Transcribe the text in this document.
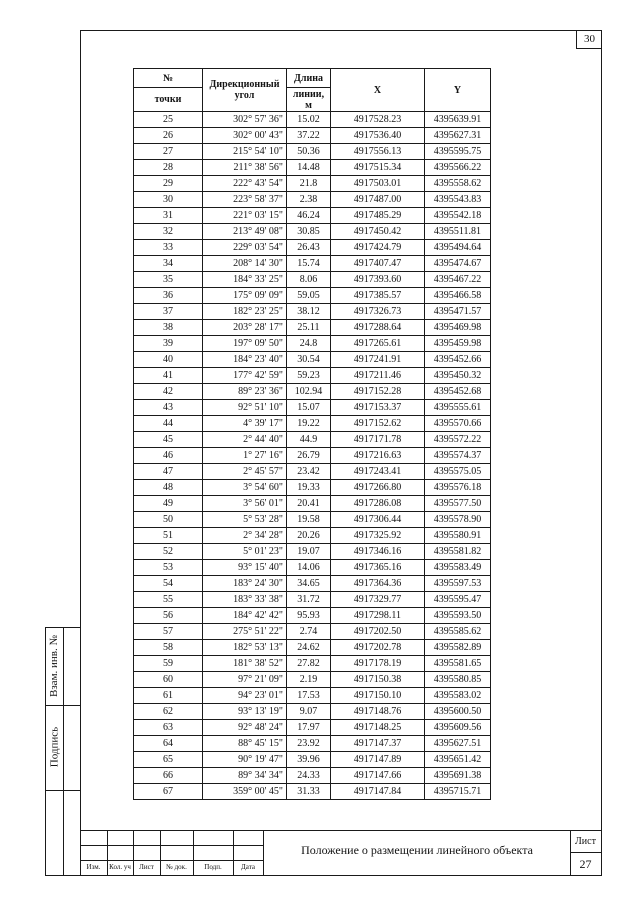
30
№	Дирекционный угол	Длина	X	Y
точки		линии, м		
25	302° 57' 36"	15.02	4917528.23	4395639.91
26	302° 00' 43"	37.22	4917536.40	4395627.31
27	215° 54' 10"	50.36	4917556.13	4395595.75
28	211° 38' 56"	14.48	4917515.34	4395566.22
29	222° 43' 54"	21.8	4917503.01	4395558.62
30	223° 58' 37"	2.38	4917487.00	4395543.83
31	221° 03' 15"	46.24	4917485.29	4395542.18
32	213° 49' 08"	30.85	4917450.42	4395511.81
33	229° 03' 54"	26.43	4917424.79	4395494.64
34	208° 14' 30"	15.74	4917407.47	4395474.67
35	184° 33' 25"	8.06	4917393.60	4395467.22
36	175° 09' 09"	59.05	4917385.57	4395466.58
37	182° 23' 25"	38.12	4917326.73	4395471.57
38	203° 28' 17"	25.11	4917288.64	4395469.98
39	197° 09' 50"	24.8	4917265.61	4395459.98
40	184° 23' 40"	30.54	4917241.91	4395452.66
41	177° 42' 59"	59.23	4917211.46	4395450.32
42	89° 23' 36"	102.94	4917152.28	4395452.68
43	92° 51' 10"	15.07	4917153.37	4395555.61
44	4° 39' 17"	19.22	4917152.62	4395570.66
45	2° 44' 40"	44.9	4917171.78	4395572.22
46	1° 27' 16"	26.79	4917216.63	4395574.37
47	2° 45' 57"	23.42	4917243.41	4395575.05
48	3° 54' 60"	19.33	4917266.80	4395576.18
49	3° 56' 01"	20.41	4917286.08	4395577.50
50	5° 53' 28"	19.58	4917306.44	4395578.90
51	2° 34' 28"	20.26	4917325.92	4395580.91
52	5° 01' 23"	19.07	4917346.16	4395581.82
53	93° 15' 40"	14.06	4917365.16	4395583.49
54	183° 24' 30"	34.65	4917364.36	4395597.53
55	183° 33' 38"	31.72	4917329.77	4395595.47
56	184° 42' 42"	95.93	4917298.11	4395593.50
57	275° 51' 22"	2.74	4917202.50	4395585.62
58	182° 53' 13"	24.62	4917202.78	4395582.89
59	181° 38' 52"	27.82	4917178.19	4395581.65
60	97° 21' 09"	2.19	4917150.38	4395580.85
61	94° 23' 01"	17.53	4917150.10	4395583.02
62	93° 13' 19"	9.07	4917148.76	4395600.50
63	92° 48' 24"	17.97	4917148.25	4395609.56
64	88° 45' 15"	23.92	4917147.37	4395627.51
65	90° 19' 47"	39.96	4917147.89	4395651.42
66	89° 34' 34"	24.33	4917147.66	4395691.38
67	359° 00' 45"	31.33	4917147.84	4395715.71
Взам. инв. №
Подпись
Изм.	Кол. уч	Лист	№ док.	Подп.	Дата
Положение о размещении линейного объекта
Лист
27
